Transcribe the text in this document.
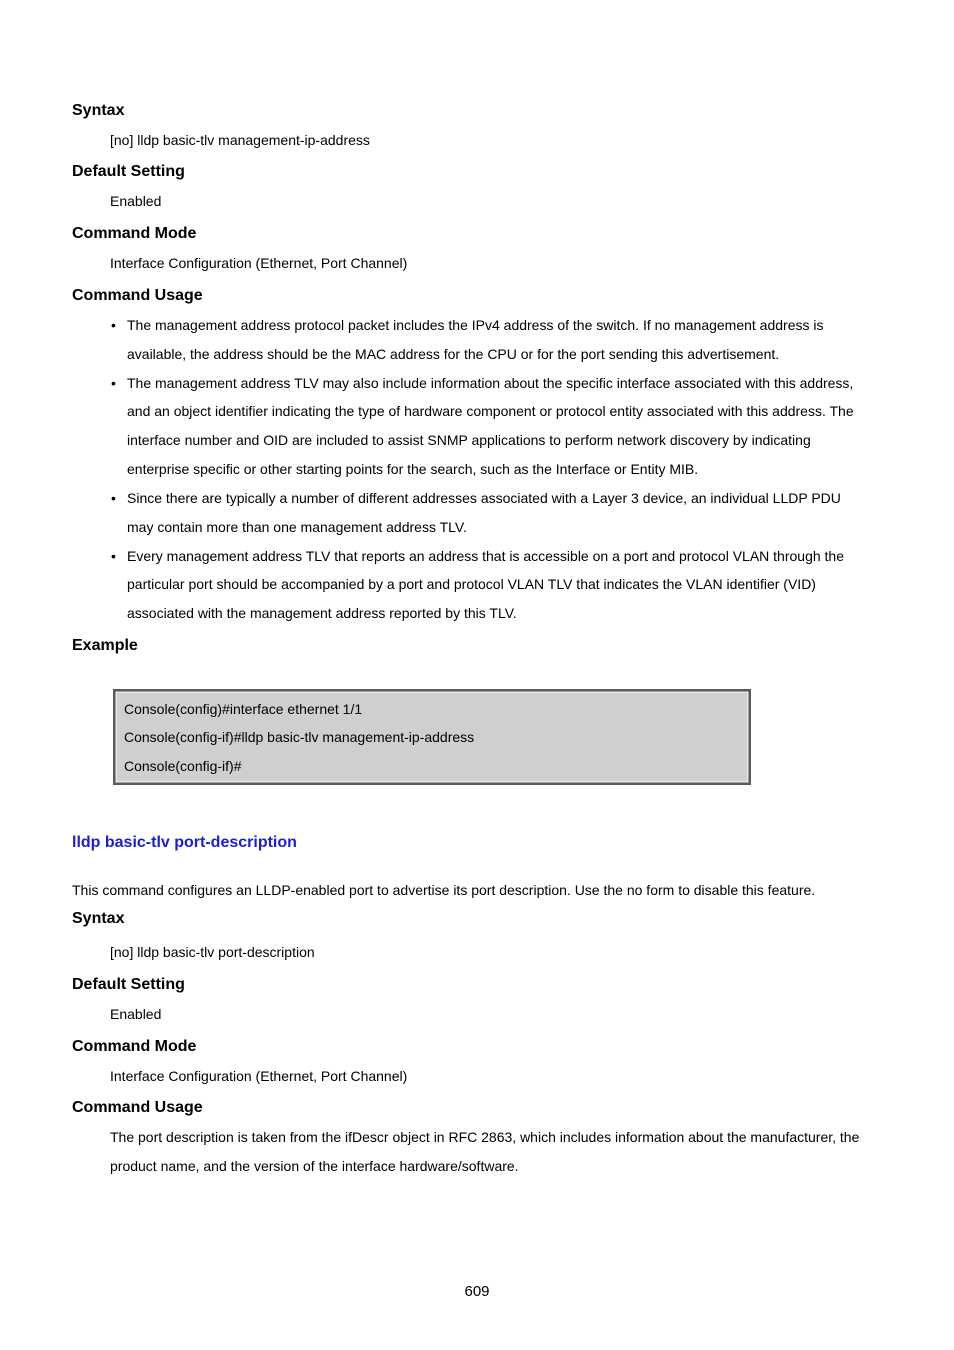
Syntax
[no] lldp basic-tlv management-ip-address
Default Setting
Enabled
Command Mode
Interface Configuration (Ethernet, Port Channel)
Command Usage
• The management address protocol packet includes the IPv4 address of the switch. If no management address is
available, the address should be the MAC address for the CPU or for the port sending this advertisement.
• The management address TLV may also include information about the specific interface associated with this address,
and an object identifier indicating the type of hardware component or protocol entity associated with this address. The
interface number and OID are included to assist SNMP applications to perform network discovery by indicating
enterprise specific or other starting points for the search, such as the Interface or Entity MIB.
• Since there are typically a number of different addresses associated with a Layer 3 device, an individual LLDP PDU
may contain more than one management address TLV.
• Every management address TLV that reports an address that is accessible on a port and protocol VLAN through the
particular port should be accompanied by a port and protocol VLAN TLV that indicates the VLAN identifier (VID)
associated with the management address reported by this TLV.
Example
Console(config)#interface ethernet 1/1
Console(config-if)#lldp basic-tlv management-ip-address
Console(config-if)#
lldp basic-tlv port-description
This command configures an LLDP-enabled port to advertise its port description. Use the no form to disable this feature.
Syntax
[no] lldp basic-tlv port-description
Default Setting
Enabled
Command Mode
Interface Configuration (Ethernet, Port Channel)
Command Usage
The port description is taken from the ifDescr object in RFC 2863, which includes information about the manufacturer, the
product name, and the version of the interface hardware/software.
609
